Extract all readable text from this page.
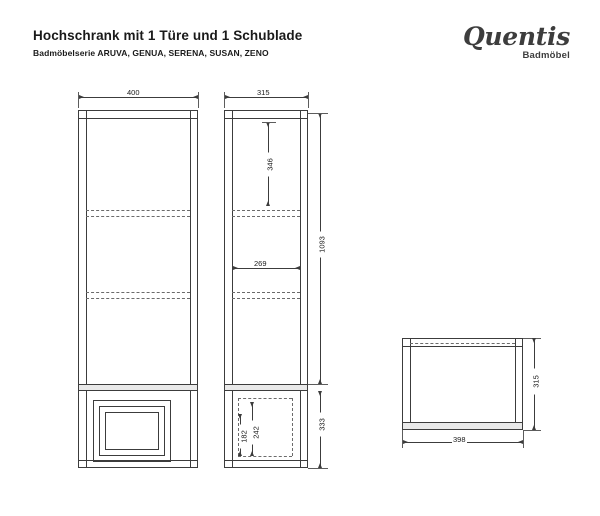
Hochschrank mit 1 Türe und 1 Schublade
Badmöbelserie ARUVA, GENUA, SERENA, SUSAN, ZENO
Quentis
Badmöbel
400	315
346
269
1093
333
242
182	398
315
